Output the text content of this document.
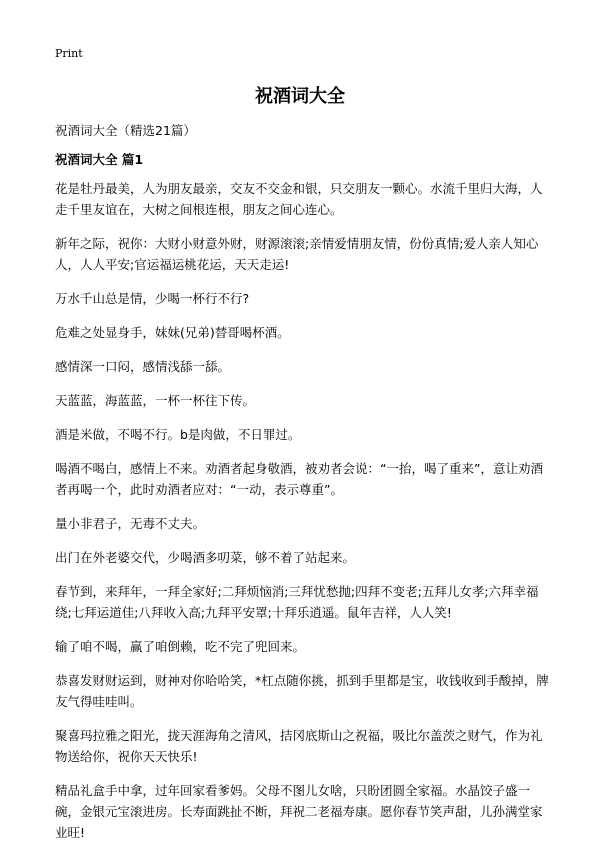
Print
祝酒词大全

祝酒词大全（精选21篇）

祝酒词大全 篇1

花是牡丹最美，人为朋友最亲，交友不交金和银，只交朋友一颗心。水流千里归大海，人走千里友谊在，大树之间根连根，朋友之间心连心。

新年之际，祝你：大财小财意外财，财源滚滚;亲情爱情朋友情，份份真情;爱人亲人知心人，人人平安;官运福运桃花运，天天走运!

万水千山总是情，少喝一杯行不行?

危难之处显身手，妹妹(兄弟)替哥喝杯酒。

感情深一口闷，感情浅舔一舔。

天蓝蓝，海蓝蓝，一杯一杯往下传。

酒是米做，不喝不行。b是肉做，不日罪过。

喝酒不喝白，感情上不来。劝酒者起身敬酒，被劝者会说：“一抬，喝了重来”，意让劝酒者再喝一个，此时劝酒者应对：“一动，表示尊重”。

量小非君子，无毒不丈夫。

出门在外老婆交代，少喝酒多叨菜，够不着了站起来。

春节到，来拜年，一拜全家好;二拜烦恼消;三拜忧愁抛;四拜不变老;五拜儿女孝;六拜幸福绕;七拜运道佳;八拜收入高;九拜平安罩;十拜乐逍遥。鼠年吉祥，人人笑!

输了咱不喝，赢了咱倒赖，吃不完了兜回来。

恭喜发财财运到，财神对你哈哈笑，*杠点随你挑，抓到手里都是宝，收钱收到手酸掉，牌友气得哇哇叫。

聚喜玛拉雅之阳光，拢天涯海角之清风，拮冈底斯山之祝福，吸比尔盖茨之财气，作为礼物送给你，祝你天天快乐!

精品礼盒手中拿，过年回家看爹妈。父母不图儿女啥，只盼团圆全家福。水晶饺子盛一碗，金银元宝滚进房。长寿面跳扯不断，拜祝二老福寿康。愿你春节笑声甜，儿孙满堂家业旺!
